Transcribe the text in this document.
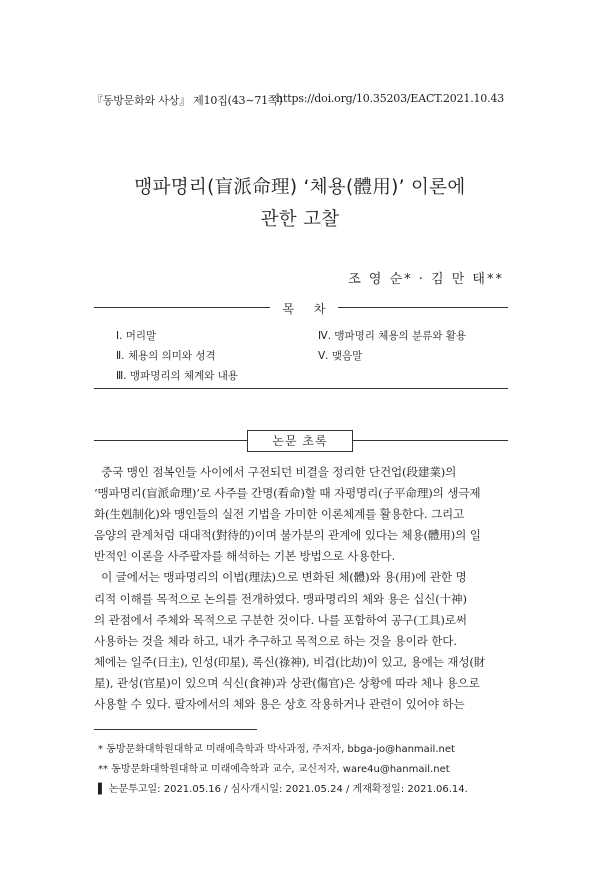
『동방문화와 사상』 제10집(43∼71쪽)
https://doi.org/10.35203/EACT.2021.10.43
맹파명리(盲派命理) ‘체용(體用)’ 이론에
관한 고찰
조 영 순* · 김 만 태**
목 차
Ⅰ. 머리말
Ⅱ. 체용의 의미와 성격
Ⅲ. 맹파명리의 체계와 내용
Ⅳ. 맹파명리 체용의 분류와 활용
Ⅴ. 맺음말
논문 초록

중국 맹인 점복인들 사이에서 구전되던 비결을 정리한 단건업(段建業)의
‘맹파명리(盲派命理)’로 사주를 간명(看命)할 때 자평명리(子平命理)의 생극제
화(生剋制化)와 맹인들의 실전 기법을 가미한 이론체계를 활용한다. 그리고
음양의 관계처럼 대대적(對待的)이며 불가분의 관계에 있다는 체용(體用)의 일
반적인 이론을 사주팔자를 해석하는 기본 방법으로 사용한다.
이 글에서는 맹파명리의 이법(理法)으로 변화된 체(體)와 용(用)에 관한 명
리적 이해를 목적으로 논의를 전개하였다. 맹파명리의 체와 용은 십신(十神)
의 관점에서 주체와 목적으로 구분한 것이다. 나를 포함하여 공구(工具)로써
사용하는 것을 체라 하고, 내가 추구하고 목적으로 하는 것을 용이라 한다.
체에는 일주(日主), 인성(印星), 록신(祿神), 비겁(比劫)이 있고, 용에는 재성(財
星), 관성(官星)이 있으며 식신(食神)과 상관(傷官)은 상황에 따라 체나 용으로
사용할 수 있다. 팔자에서의 체와 용은 상호 작용하거나 관련이 있어야 하는

* 동방문화대학원대학교 미래예측학과 박사과정, 주저자, bbga-jo@hanmail.net
** 동방문화대학원대학교 미래예측학과 교수, 교신저자, ware4u@hanmail.net
▌ 논문투고일: 2021.05.16 / 심사개시일: 2021.05.24 / 게재확정일: 2021.06.14.
